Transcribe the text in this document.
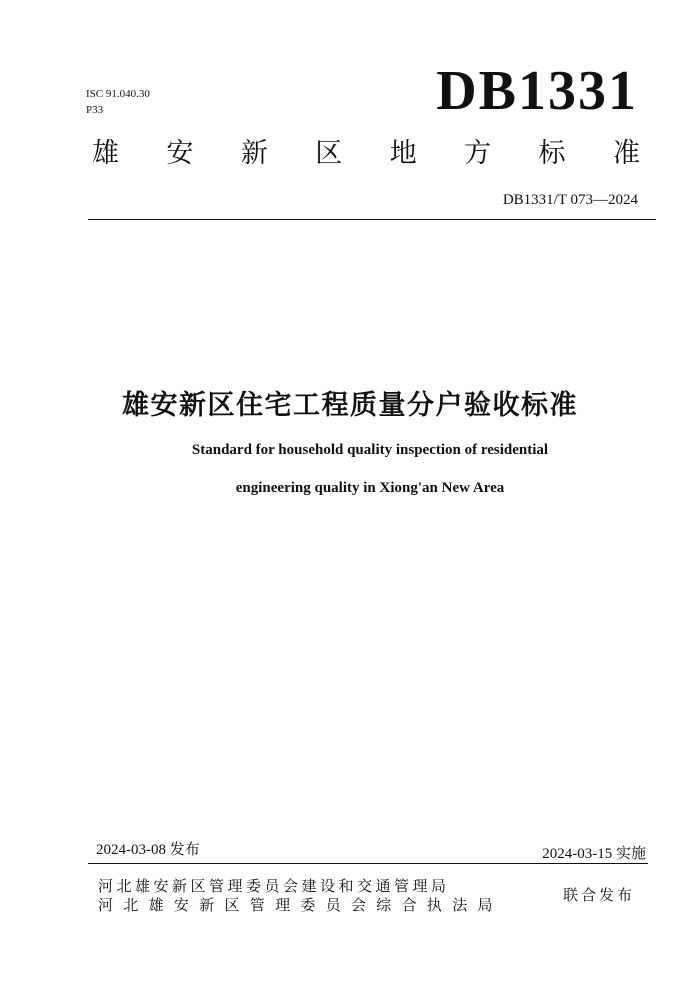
ISC 91.040.30
P33	DB1331
雄 安 新 区 地 方 标 准
DB1331/T 073—2024
雄安新区住宅工程质量分户验收标准
Standard for household quality inspection of residential
engineering quality in Xiong'an New Area
2024-03-08 发布	2024-03-15 实施
河北雄安新区管理委员会建设和交通管理局
河北雄安新区管理委员会综合执法局
联合发布
